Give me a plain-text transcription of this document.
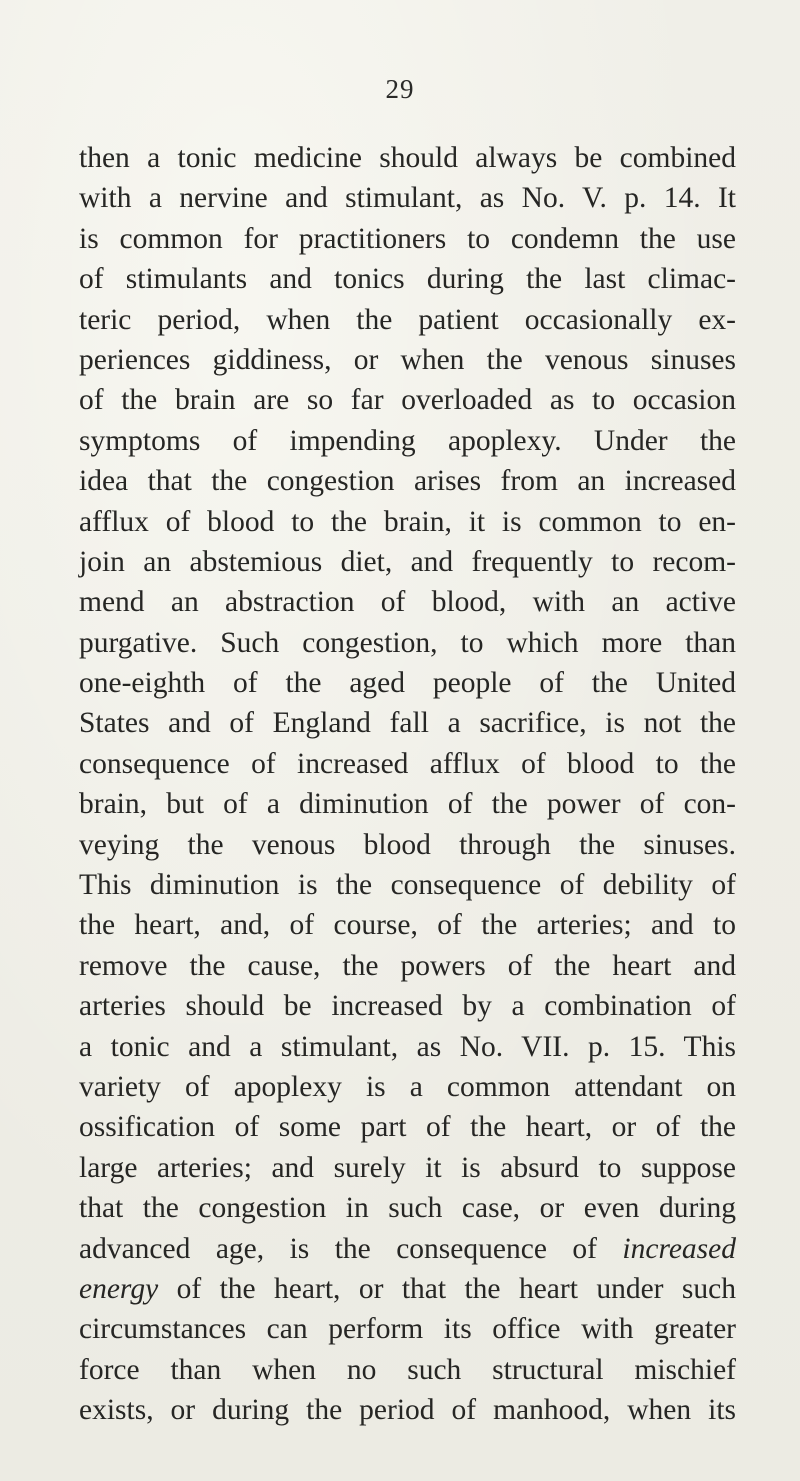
29
then a tonic medicine should always be combined
with a nervine and stimulant, as No. V. p. 14. It
is common for practitioners to condemn the use
of stimulants and tonics during the last climac-
teric period, when the patient occasionally ex-
periences giddiness, or when the venous sinuses
of the brain are so far overloaded as to occasion
symptoms of impending apoplexy. Under the
idea that the congestion arises from an increased
afflux of blood to the brain, it is common to en-
join an abstemious diet, and frequently to recom-
mend an abstraction of blood, with an active
purgative. Such congestion, to which more than
one-eighth of the aged people of the United
States and of England fall a sacrifice, is not the
consequence of increased afflux of blood to the
brain, but of a diminution of the power of con-
veying the venous blood through the sinuses.
This diminution is the consequence of debility of
the heart, and, of course, of the arteries; and to
remove the cause, the powers of the heart and
arteries should be increased by a combination of
a tonic and a stimulant, as No. VII. p. 15. This
variety of apoplexy is a common attendant on
ossification of some part of the heart, or of the
large arteries; and surely it is absurd to suppose
that the congestion in such case, or even during
advanced age, is the consequence of increased
energy of the heart, or that the heart under such
circumstances can perform its office with greater
force than when no such structural mischief
exists, or during the period of manhood, when its
